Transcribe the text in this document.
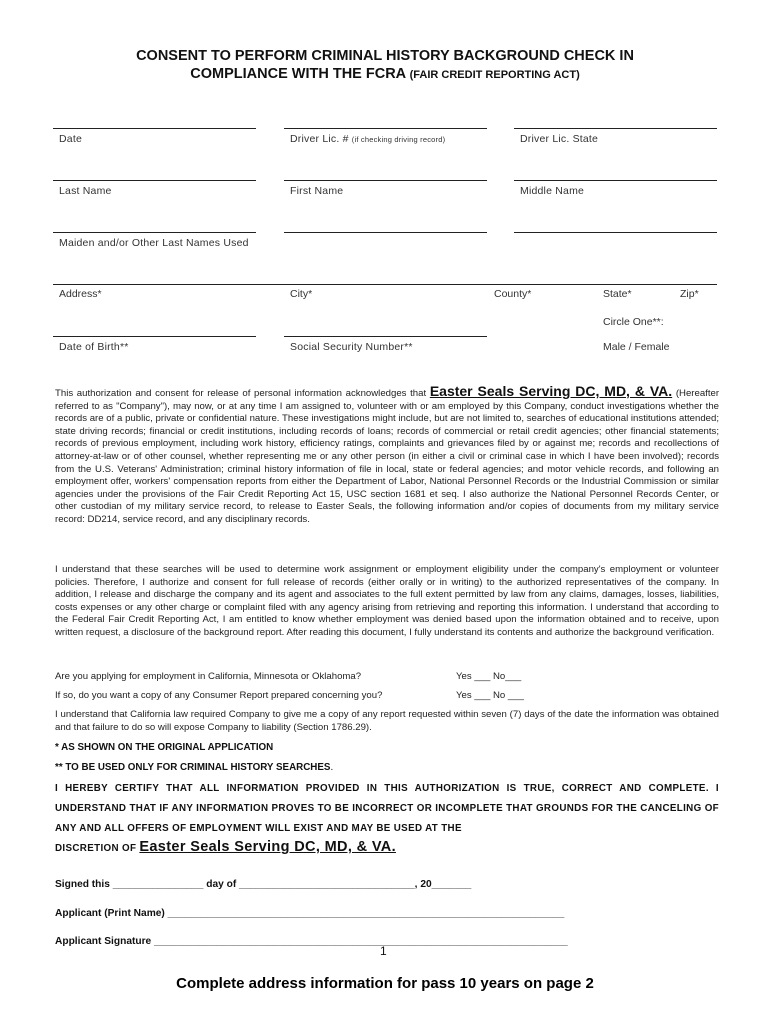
CONSENT TO PERFORM CRIMINAL HISTORY BACKGROUND CHECK IN
COMPLIANCE WITH THE FCRA (FAIR CREDIT REPORTING ACT)
Date	Driver Lic. # (if checking driving record)	Driver Lic. State
Last Name	First Name	Middle Name
Maiden and/or Other Last Names Used
Address*	City*	County*	State*	Zip*
Circle One**:
Date of Birth**	Social Security Number**	Male / Female
This authorization and consent for release of personal information acknowledges that Easter Seals Serving DC, MD, & VA. (Hereafter referred to as "Company"), may now, or at any time I am assigned to, volunteer with or am employed by this Company, conduct investigations whether the records are of a public, private or confidential nature. These investigations might include, but are not limited to, searches of educational institutions attended; state driving records; financial or credit institutions, including records of loans; records of commercial or retail credit agencies; other financial statements; records of previous employment, including work history, efficiency ratings, complaints and grievances filed by or against me; records and recollections of attorney-at-law or of other counsel, whether representing me or any other person (in either a civil or criminal case in which I have been involved); records from the U.S. Veterans' Administration; criminal history information of file in local, state or federal agencies; and motor vehicle records, and following an employment offer, workers' compensation reports from either the Department of Labor, National Personnel Records or the Industrial Commission or similar agencies under the provisions of the Fair Credit Reporting Act 15, USC section 1681 et seq. I also authorize the National Personnel Records Center, or other custodian of my military service record, to release to Easter Seals, the following information and/or copies of documents from my military service record: DD214, service record, and any disciplinary records.
I understand that these searches will be used to determine work assignment or employment eligibility under the company's employment or volunteer policies. Therefore, I authorize and consent for full release of records (either orally or in writing) to the authorized representatives of the company. In addition, I release and discharge the company and its agent and associates to the full extent permitted by law from any claims, damages, losses, liabilities, costs expenses or any other charge or complaint filed with any agency arising from retrieving and reporting this information. I understand that according to the Federal Fair Credit Reporting Act, I am entitled to know whether employment was denied based upon the information obtained and to receive, upon written request, a disclosure of the background report. After reading this document, I fully understand its contents and authorize the background verification.
Are you applying for employment in California, Minnesota or Oklahoma?	Yes ___ No___
If so, do you want a copy of any Consumer Report prepared concerning you?	Yes ___ No ___
I understand that California law required Company to give me a copy of any report requested within seven (7) days of the date the information was obtained and that failure to do so will expose Company to liability (Section 1786.29).
* AS SHOWN ON THE ORIGINAL APPLICATION
** TO BE USED ONLY FOR CRIMINAL HISTORY SEARCHES.
I HEREBY CERTIFY THAT ALL INFORMATION PROVIDED IN THIS AUTHORIZATION IS TRUE, CORRECT AND COMPLETE. I UNDERSTAND THAT IF ANY INFORMATION PROVES TO BE INCORRECT OR INCOMPLETE THAT GROUNDS FOR THE CANCELING OF ANY AND ALL OFFERS OF EMPLOYMENT WILL EXIST AND MAY BE USED AT THE
DISCRETION OF Easter Seals Serving DC, MD, & VA.
Signed this ________________ day of _______________________________, 20_______
Applicant (Print Name) ______________________________________________________________________
Applicant Signature _________________________________________________________________________
1
Complete address information for pass 10 years on page 2
